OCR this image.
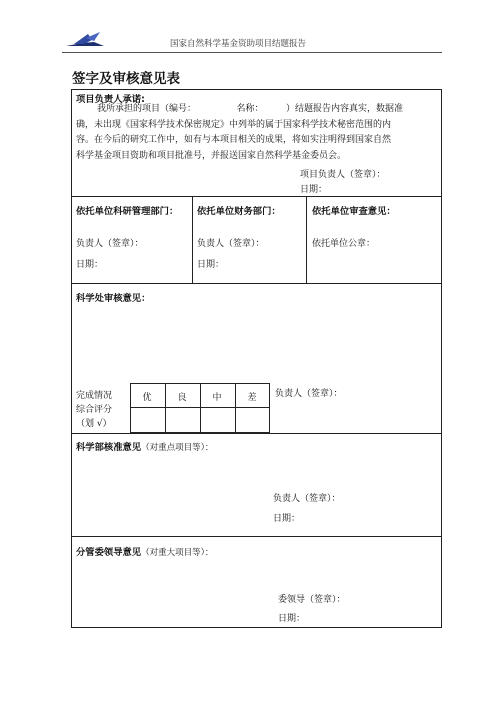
国家自然科学基金资助项目结题报告
签字及审核意见表
项目负责人承诺:
我所承担的项目（编号：　　　　　名称：　　　）结题报告内容真实，数据准
确，未出现《国家科学技术保密规定》中列举的属于国家科学技术秘密范围的内
容。在今后的研究工作中，如有与本项目相关的成果，将如实注明得到国家自然
科学基金项目资助和项目批准号，并报送国家自然科学基金委员会。
项目负责人（签章）：
日期：
依托单位科研管理部门：
负责人（签章）：
日期：
依托单位财务部门：
负责人（签章）：
日期：
依托单位审查意见：
依托单位公章：
科学处审核意见：
完成情况
综合评分
（划 √）
优	良	中	差	负责人（签章）：
科学部核准意见（对重点项目等）：
负责人（签章）：
日期：
分管委领导意见（对重大项目等）：
委领导（签章）：
日期：
